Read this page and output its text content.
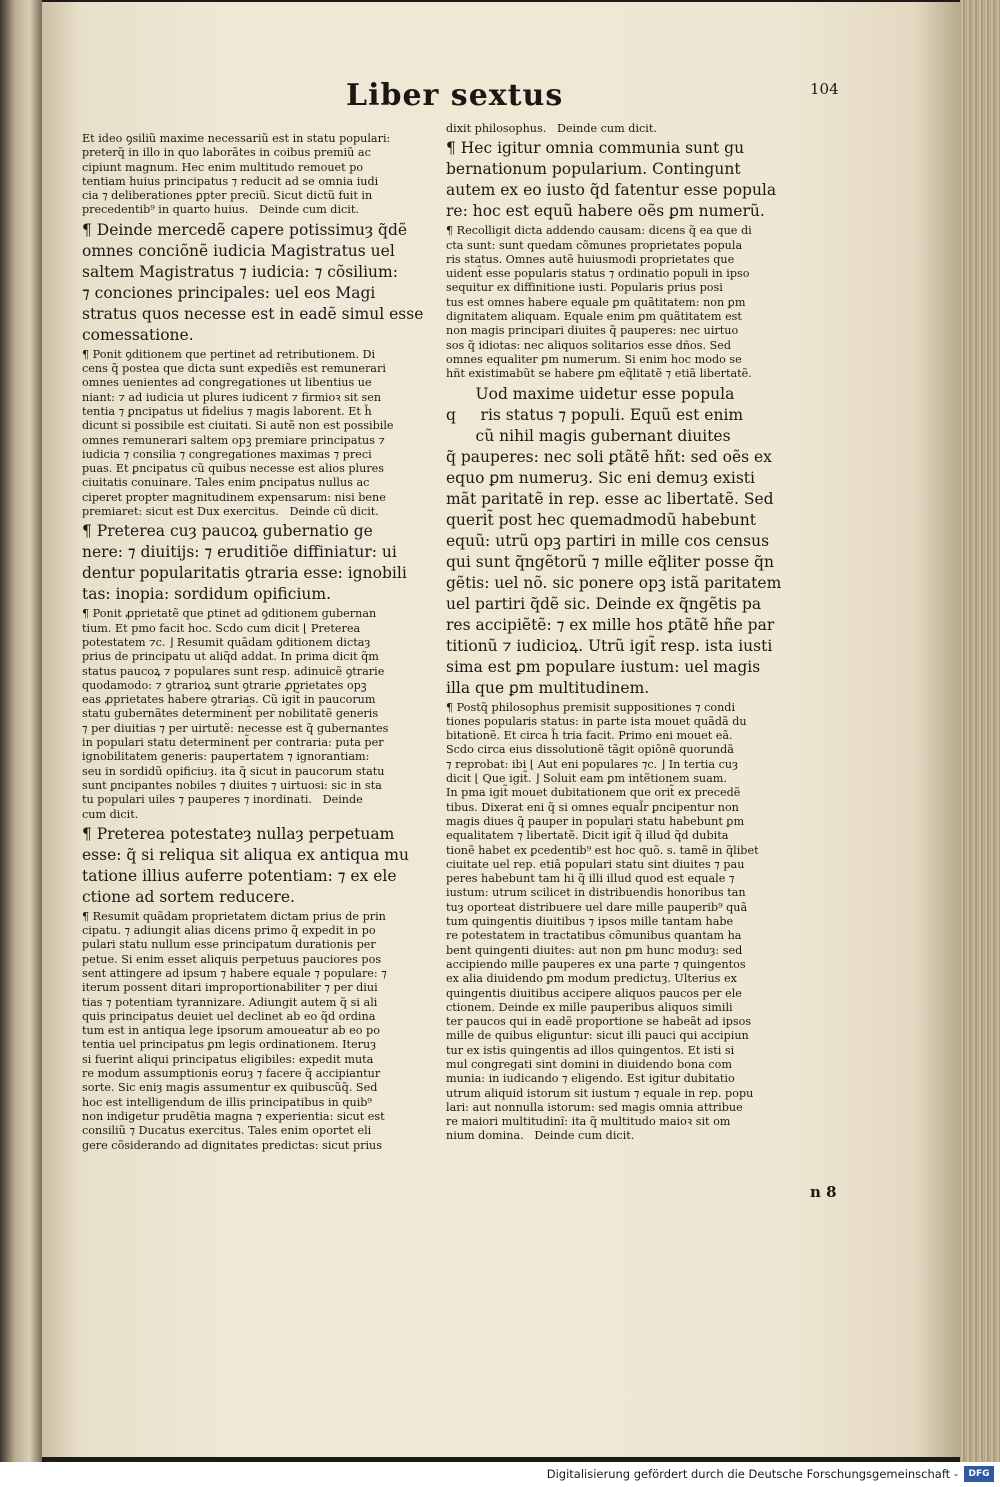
Liber sextus	104

Et ideo ꝯsiliũ maxime necessariũ est in statu populari:

preterq̃ in illo in quo laborãtes in coibus premiũ ac

cipiunt magnum. Hec enim multitudo remouet po

tentiam huius principatus ⁊ reducit ad se omnia iudi

cia ⁊ deliberationes ꝑpter preciũ. Sicut dictũ fuit in

precedentib⁹ in quarto huius.   Deinde cum dicit.

¶ Deinde mercedẽ capere potissimuȝ q̃dẽ

omnes conciõnẽ iudicia Magistratus uel

saltem Magistratus ⁊ iudicia: ⁊ cõsilium:

⁊ conciones principales: uel eos Magi

stratus quos necesse est in eadẽ simul esse

comessatione.

¶ Ponit ꝯditionem que pertinet ad retributionem. Di

cens q̃ postea que dicta sunt expediẽs est remunerari

omnes uenientes ad congregationes ut libentius ue

niant: ⁊ ad iudicia ut plures iudicent ⁊ firmioꝛ sit sen

tentia ⁊ ꝑncipatus ut fidelius ⁊ magis laborent. Et h̃

dicunt si possibile est ciuitati. Si autẽ non est possibile

omnes remunerari saltem opꝫ premiare principatus ⁊

iudicia ⁊ consilia ⁊ congregationes maximas ⁊ preci

puas. Et ꝑncipatus cũ quibus necesse est alios plures

ciuitatis conuinare. Tales enim ꝑncipatus nullus ac

ciperet propter magnitudinem expensarum: nisi bene

premiaret: sicut est Dux exercitus.   Deinde cũ dicit.

¶ Preterea cuȝ paucoꝝ gubernatio ge

nere: ⁊ diuitijs: ⁊ eruditiõe diffiniatur: ui

dentur popularitatis ꝯtraria esse: ignobili

tas: inopia: sordidum opificium.

¶ Ponit ꝓprietatẽ que ꝑtinet ad ꝯditionem gubernan

tium. Et pmo facit hoc. Scdo cum dicit ⌊ Preterea

potestatem ⁊c. ⌋ Resumit quãdam ꝯditionem dictaȝ

prius de principatu ut aliq̃d addat. In prima dicit q̃m

status paucoꝝ ⁊ populares sunt resp. adinuicẽ ꝯtrarie

quodamodo: ⁊ ꝯtrarioꝝ sunt ꝯtrarie ꝓprietates opꝫ

eas ꝓprietates habere ꝯtrarias. Cũ igit̃ in paucorum

statu gubernãtes determinent̃ per nobilitatẽ generis

⁊ per diuitias ⁊ per uirtutẽ: necesse est q̃ gubernantes

in populari statu determinent̃ per contraria: puta per

ignobilitatem generis: paupertatem ⁊ ignorantiam:

seu in sordidũ opificiuȝ. ita q̃ sicut in paucorum statu

sunt ꝑncipantes nobiles ⁊ diuites ⁊ uirtuosi: sic in sta

tu populari uiles ⁊ pauperes ⁊ inordinati.   Deinde

cum dicit.

¶ Preterea potestateȝ nullaȝ perpetuam

esse: q̃ si reliqua sit aliqua ex antiqua mu

tatione illius auferre potentiam: ⁊ ex ele

ctione ad sortem reducere.

¶ Resumit quãdam proprietatem dictam prius de prin

cipatu. ⁊ adiungit alias dicens primo q̃ expedit in po

pulari statu nullum esse principatum durationis per

petue. Si enim esset aliquis perpetuus pauciores pos

sent attingere ad ipsum ⁊ habere equale ⁊ populare: ⁊

iterum possent ditari improportionabiliter ⁊ per diui

tias ⁊ potentiam tyrannizare. Adiungit autem q̃ si ali

quis principatus deuiet uel declinet ab eo q̃d ordina

tum est in antiqua lege ipsorum amoueatur ab eo po

tentia uel principatus ꝑm legis ordinationem. Iteruȝ

si fuerint aliqui principatus eligibiles: expedit muta

re modum assumptionis eoruȝ ⁊ facere q̃ accipiantur

sorte. Sic eniȝ magis assumentur ex quibuscũq̃. Sed

hoc est intelligendum de illis principatibus in quib⁹

non indigetur prudẽtia magna ⁊ experientia: sicut est

consiliũ ⁊ Ducatus exercitus. Tales enim oportet eli

gere cõsiderando ad dignitates predictas: sicut prius

dixit philosophus.   Deinde cum dicit.

¶ Hec igitur omnia communia sunt gu

bernationum popularium. Contingunt

autem ex eo iusto q̃d fatentur esse popula

re: hoc est equũ habere oẽs ꝑm numerũ.

¶ Recolligit dicta addendo causam: dicens q̃ ea que di

cta sunt: sunt quedam cõmunes proprietates popula

ris status. Omnes autẽ huiusmodi proprietates que

uident̃ esse popularis status ⁊ ordinatio populi in ipso

sequitur ex diffinitione iusti. Popularis prius posi

tus est omnes habere equale ꝑm quãtitatem: non ꝑm

dignitatem aliquam. Equale enim ꝑm quãtitatem est

non magis principari diuites q̃ pauperes: nec uirtuo

sos q̃ idiotas: nec aliquos solitarios esse dños. Sed

omnes equaliter ꝑm numerum. Si enim hoc modo se

hñt existimabũt se habere ꝑm eq̃litatẽ ⁊ etiã libertatẽ.

Uod maxime uidetur esse popula

q     ris status ⁊ populi. Equũ est enim

cũ nihil magis gubernant diuites

q̃ pauperes: nec soli ꝑtãtẽ hñt: sed oẽs ex

equo ꝑm numeruȝ. Sic eni demuȝ existi

mãt paritatẽ in rep. esse ac libertatẽ. Sed

querit̃ post hec quemadmodũ habebunt

equũ: utrũ opꝫ partiri in mille cos census

qui sunt q̃ngẽtorũ ⁊ mille eq̃liter posse q̃n

gẽtis: uel nõ. sic ponere opꝫ istã paritatem

uel partiri q̃dẽ sic. Deinde ex q̃ngẽtis pa

res accipiẽtẽ: ⁊ ex mille hos ꝑtãtẽ hñe par

titionũ ⁊ iudicioꝝ. Utrũ igit̃ resp. ista iusti

sima est ꝑm populare iustum: uel magis

illa que ꝑm multitudinem.

¶ Postq̃ philosophus premisit suppositiones ⁊ condi

tiones popularis status: in parte ista mouet quãdã du

bitationẽ. Et circa h̃ tria facit. Primo eni mouet eã.

Scdo circa eius dissolutionẽ tãgit opiõnẽ quorundã

⁊ reprobat: ibi ⌊ Aut eni populares ⁊c. ⌋ In tertia cuȝ

dicit ⌊ Que igit̃. ⌋ Soluit eam ꝑm intẽtionem suam.

In pma igit̃ mouet dubitationem que orit̃ ex precedẽ

tibus. Dixerat eni q̃ si omnes equal̃r ꝑncipentur non

magis diues q̃ pauper in populari statu habebunt ꝑm

equalitatem ⁊ libertatẽ. Dicit igit̃ q̃ illud q̃d dubita

tionẽ habet ex ꝑcedentib⁹ est hoc quõ. s. tamẽ in q̃libet

ciuitate uel rep. etiã populari statu sint diuites ⁊ pau

peres habebunt tam hi q̃ illi illud quod est equale ⁊

iustum: utrum scilicet in distribuendis honoribus tan

tuȝ oporteat distribuere uel dare mille pauperib⁹ quã

tum quingentis diuitibus ⁊ ipsos mille tantam habe

re potestatem in tractatibus cõmunibus quantam ha

bent quingenti diuites: aut non ꝑm hunc moduȝ: sed

accipiendo mille pauperes ex una parte ⁊ quingentos

ex alia diuidendo ꝑm modum predictuȝ. Ulterius ex

quingentis diuitibus accipere aliquos paucos per ele

ctionem. Deinde ex mille pauperibus aliquos simili

ter paucos qui in eadẽ proportione se habeãt ad ipsos

mille de quibus eliguntur: sicut illi pauci qui accipiun

tur ex istis quingentis ad illos quingentos. Et isti si

mul congregati sint domini in diuidendo bona com

munia: in iudicando ⁊ eligendo. Est igitur dubitatio

utrum aliquid istorum sit iustum ⁊ equale in rep. popu

lari: aut nonnulla istorum: sed magis omnia attribue

re maiori multitudinĩ: ita q̃ multitudo maioꝛ sit om

nium domina.   Deinde cum dicit.

n 8
Digitalisierung gefördert durch die Deutsche Forschungsgemeinschaft -	DFG
